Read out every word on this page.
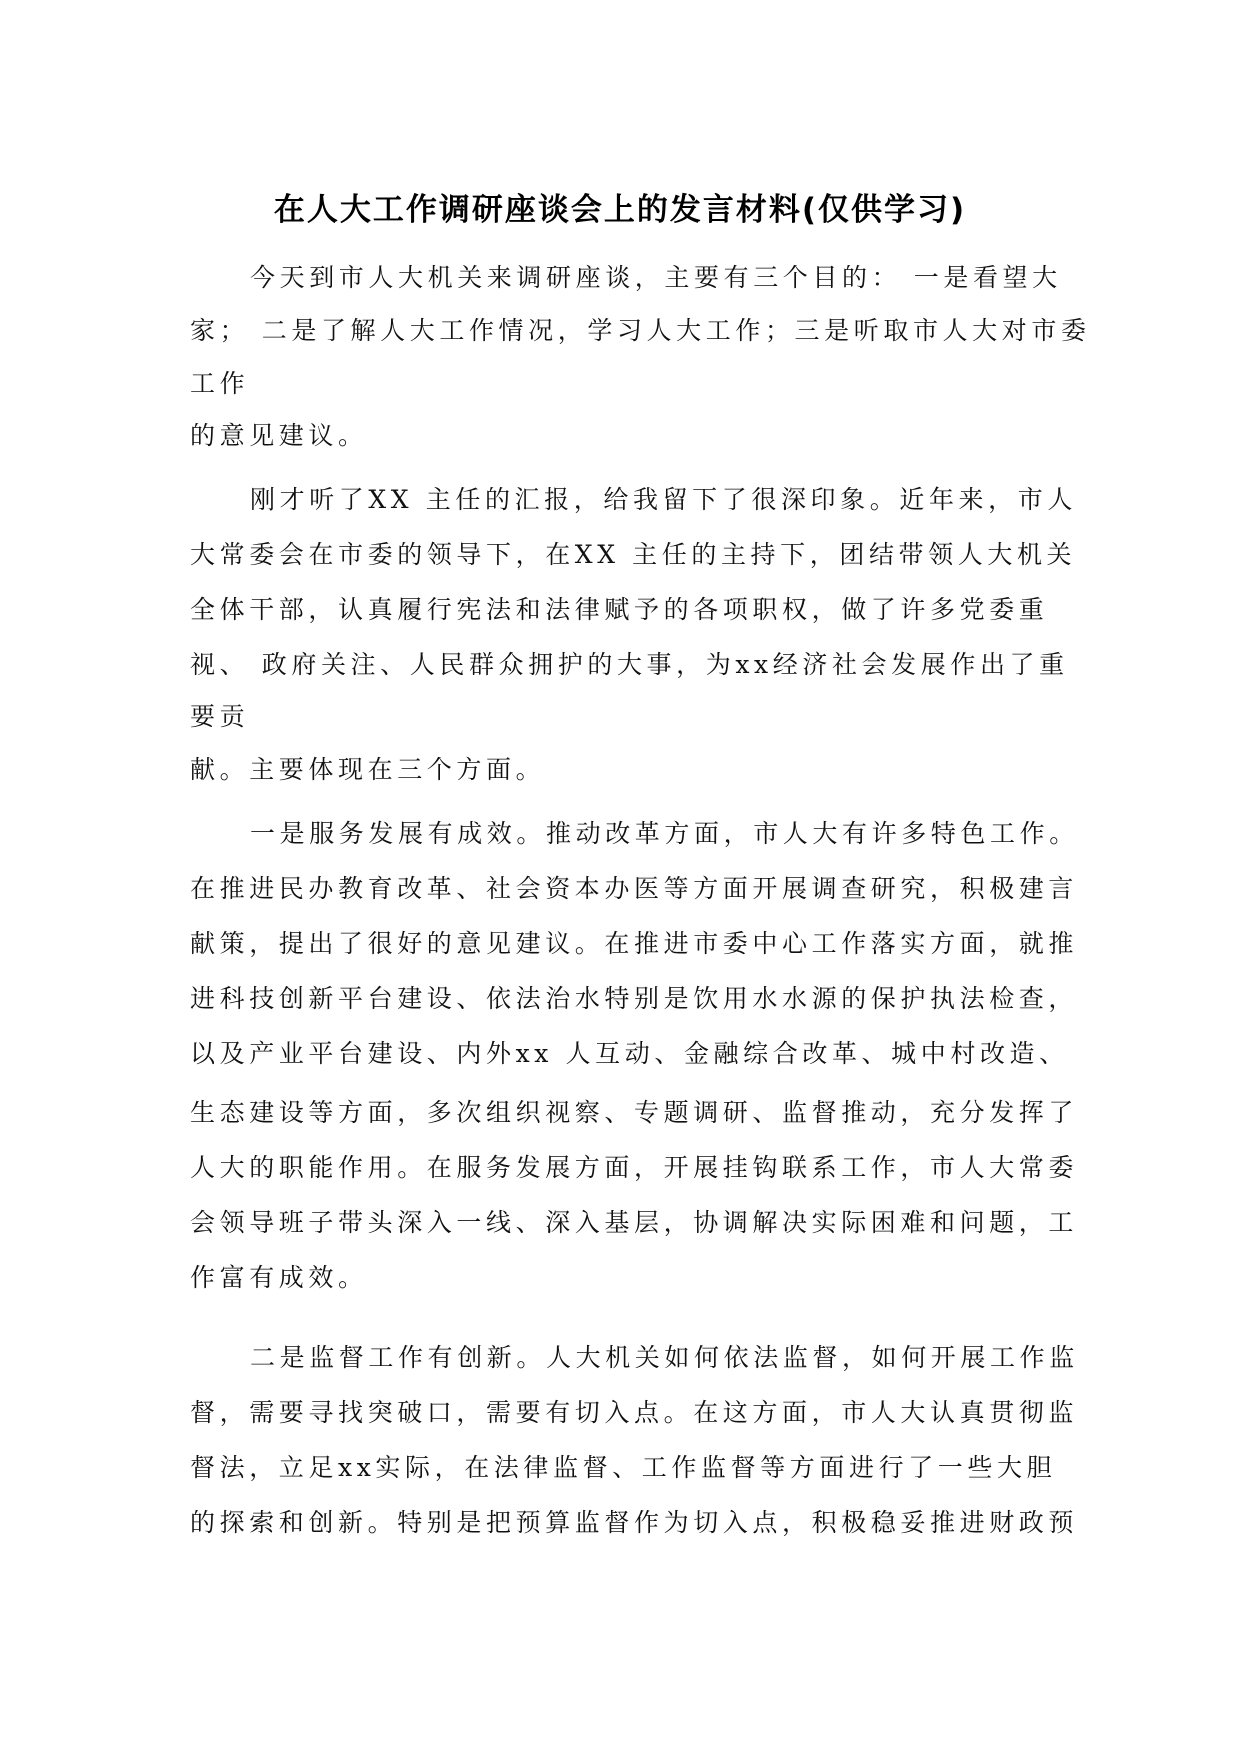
在人大工作调研座谈会上的发言材料(仅供学习)
今天到市人大机关来调研座谈，主要有三个目的： 一是看望大
家； 二是了解人大工作情况，学习人大工作；三是听取市人大对市委
工作
的意见建议。
刚才听了XX 主任的汇报，给我留下了很深印象。近年来，市人
大常委会在市委的领导下，在XX 主任的主持下，团结带领人大机关
全体干部，认真履行宪法和法律赋予的各项职权，做了许多党委重
视、 政府关注、人民群众拥护的大事，为xx经济社会发展作出了重
要贡
献。主要体现在三个方面。
一是服务发展有成效。推动改革方面，市人大有许多特色工作。
在推进民办教育改革、社会资本办医等方面开展调查研究，积极建言
献策，提出了很好的意见建议。在推进市委中心工作落实方面，就推
进科技创新平台建设、依法治水特别是饮用水水源的保护执法检查，
以及产业平台建设、内外xx 人互动、金融综合改革、城中村改造、
生态建设等方面，多次组织视察、专题调研、监督推动，充分发挥了
人大的职能作用。在服务发展方面，开展挂钩联系工作，市人大常委
会领导班子带头深入一线、深入基层，协调解决实际困难和问题，工
作富有成效。
二是监督工作有创新。人大机关如何依法监督，如何开展工作监
督，需要寻找突破口，需要有切入点。在这方面，市人大认真贯彻监
督法，立足xx实际，在法律监督、工作监督等方面进行了一些大胆
的探索和创新。特别是把预算监督作为切入点，积极稳妥推进财政预
